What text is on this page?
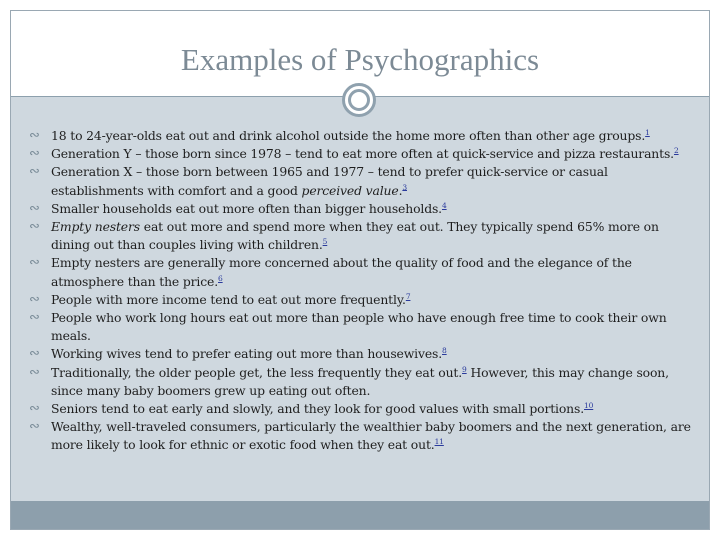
Examples of Psychographics
∾ 18 to 24-year-olds eat out and drink alcohol outside the home more often than other age groups.$^1$
∾ Generation Y – those born since 1978 – tend to eat more often at quick-service and pizza restaurants.$^2$
∾ Generation X – those born between 1965 and 1977 – tend to prefer quick-service or casual establishments with comfort and a good perceived value.$^3$
∾ Smaller households eat out more often than bigger households.$^4$
∾ Empty nesters eat out more and spend more when they eat out. They typically spend 65% more on dining out than couples living with children.$^5$
∾ Empty nesters are generally more concerned about the quality of food and the elegance of the atmosphere than the price.$^6$
∾ People with more income tend to eat out more frequently.$^7$
∾ People who work long hours eat out more than people who have enough free time to cook their own meals.
∾ Working wives tend to prefer eating out more than housewives.$^8$
∾ Traditionally, the older people get, the less frequently they eat out.$^9$ However, this may change soon, since many baby boomers grew up eating out often.
∾ Seniors tend to eat early and slowly, and they look for good values with small portions.$^{10}$
∾ Wealthy, well-traveled consumers, particularly the wealthier baby boomers and the next generation, are more likely to look for ethnic or exotic food when they eat out.$^{11}$
